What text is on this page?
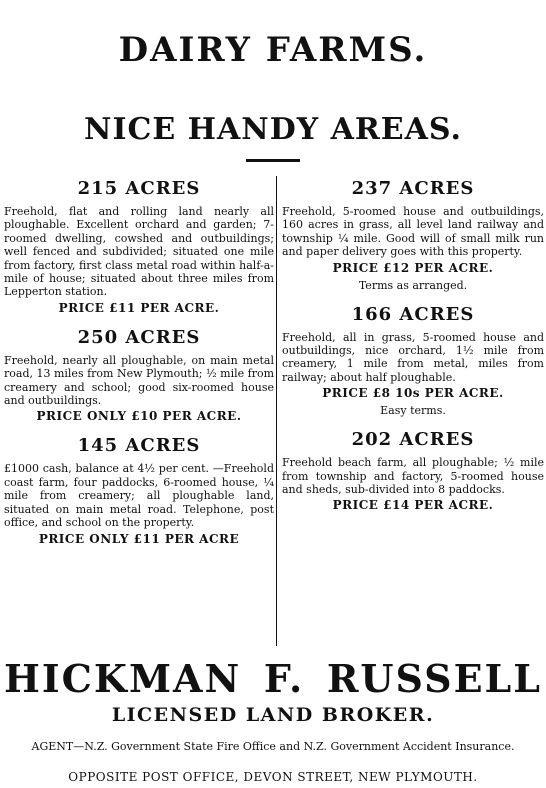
DAIRY FARMS.
NICE HANDY AREAS.
215 ACRES
Freehold, flat and rolling land nearly all ploughable. Excellent orchard and garden; 7-roomed dwelling, cowshed and outbuildings; well fenced and subdivided; situated one mile from factory, first class metal road within half-a-mile of house; situated about three miles from Lepperton station.
PRICE £11 PER ACRE.
250 ACRES
Freehold, nearly all ploughable, on main metal road, 13 miles from New Plymouth; ½ mile from creamery and school; good six-roomed house and outbuildings.
PRICE ONLY £10 PER ACRE.
145 ACRES
£1000 cash, balance at 4½ per cent. —Freehold coast farm, four paddocks, 6-roomed house, ¼ mile from creamery; all ploughable land, situated on main metal road. Telephone, post office, and school on the property.
PRICE ONLY £11 PER ACRE
237 ACRES
Freehold, 5-roomed house and outbuildings, 160 acres in grass, all level land railway and township ¼ mile. Good will of small milk run and paper delivery goes with this property.
PRICE £12 PER ACRE.
Terms as arranged.
166 ACRES
Freehold, all in grass, 5-roomed house and outbuildings, nice orchard, 1½ mile from creamery, 1 mile from metal, miles from railway; about half ploughable.
PRICE £8 10s PER ACRE.
Easy terms.
202 ACRES
Freehold beach farm, all ploughable; ½ mile from township and factory, 5-roomed house and sheds, sub-divided into 8 paddocks.
PRICE £14 PER ACRE.
HICKMAN F. RUSSELL
LICENSED LAND BROKER.
AGENT—N.Z. Government State Fire Office and N.Z. Government Accident Insurance.
OPPOSITE POST OFFICE, DEVON STREET, NEW PLYMOUTH.
